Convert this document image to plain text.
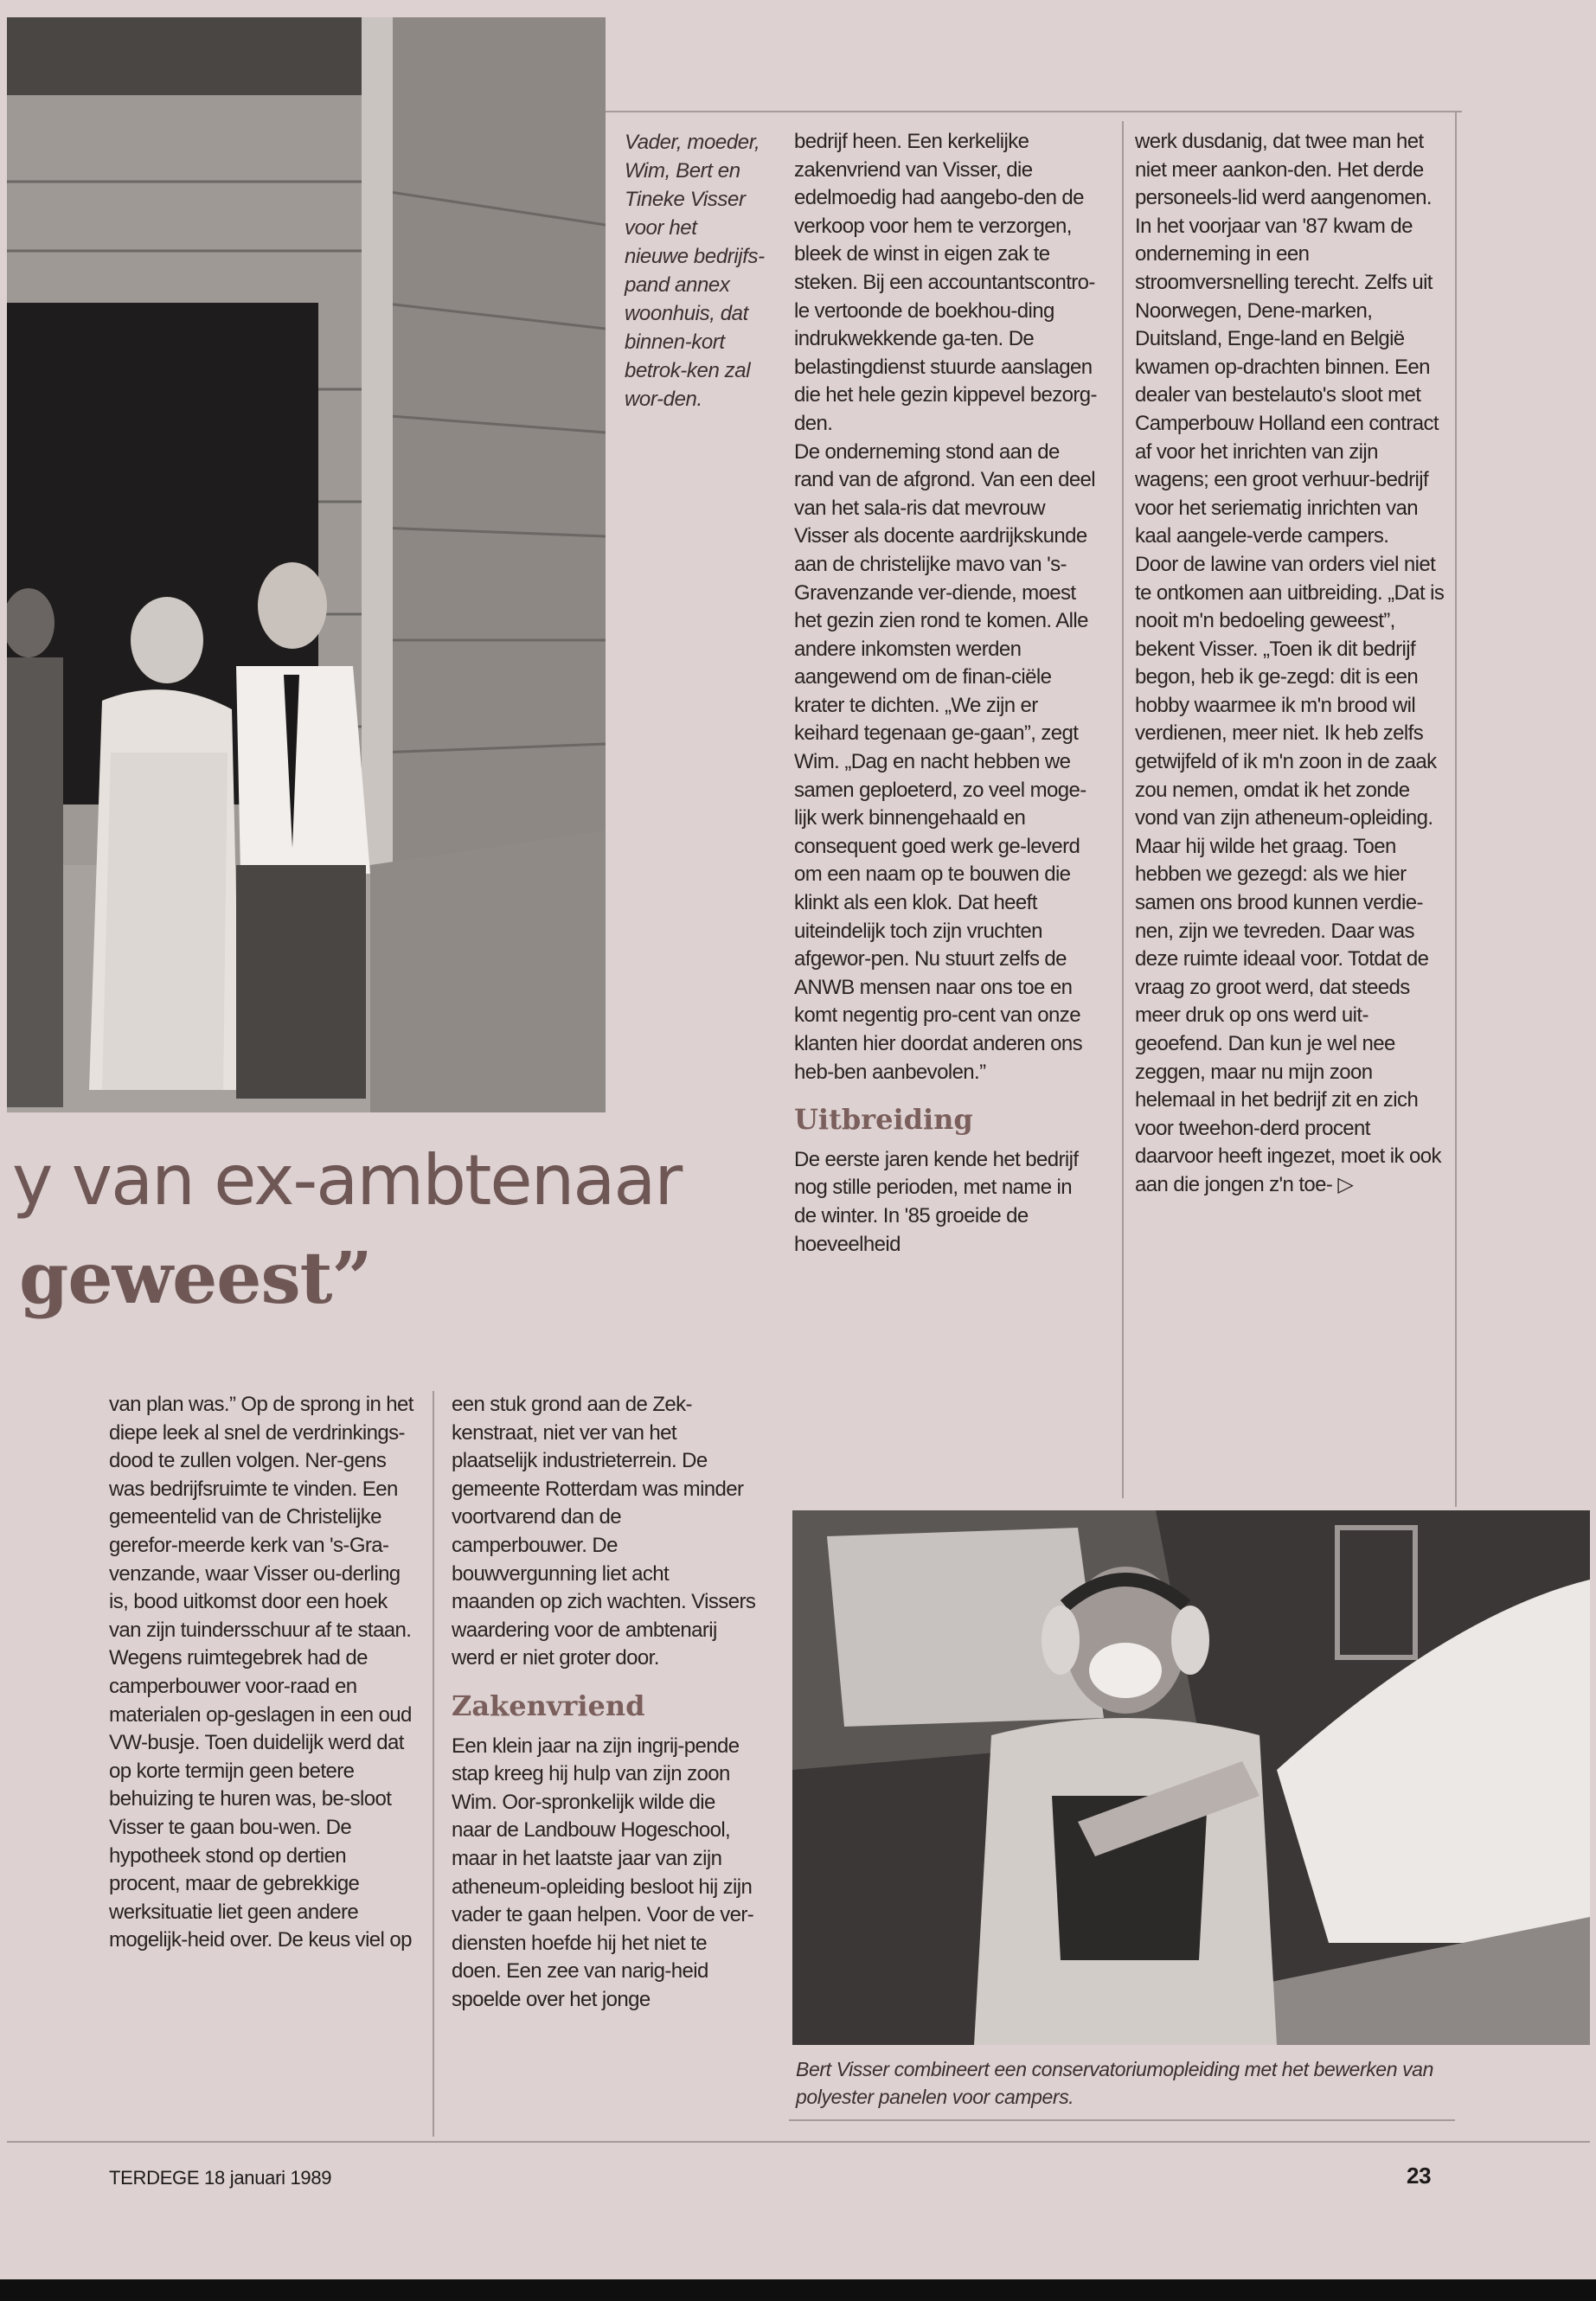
Vader, moeder, Wim, Bert en Tineke Visser voor het nieuwe bedrijfs-pand annex woonhuis, dat binnen-kort betrok-ken zal wor-den.
y van ex-ambtenaar
geweest”

bedrijf heen. Een kerkelijke zakenvriend van Visser, die edelmoedig had aangebo-den de verkoop voor hem te verzorgen, bleek de winst in eigen zak te steken. Bij een accountantscontro-le vertoonde de boekhou-ding indrukwekkende ga-ten. De belastingdienst stuurde aanslagen die het hele gezin kippevel bezorg-den.

De onderneming stond aan de rand van de afgrond. Van een deel van het sala-ris dat mevrouw Visser als docente aardrijkskunde aan de christelijke mavo van 's-Gravenzande ver-diende, moest het gezin zien rond te komen. Alle andere inkomsten werden aangewend om de finan-ciële krater te dichten. „We zijn er keihard tegenaan ge-gaan”, zegt Wim. „Dag en nacht hebben we samen geploeterd, zo veel moge-lijk werk binnengehaald en consequent goed werk ge-leverd om een naam op te bouwen die klinkt als een klok. Dat heeft uiteindelijk toch zijn vruchten afgewor-pen. Nu stuurt zelfs de ANWB mensen naar ons toe en komt negentig pro-cent van onze klanten hier doordat anderen ons heb-ben aanbevolen.”

Uitbreiding

De eerste jaren kende het bedrijf nog stille perioden, met name in de winter. In '85 groeide de hoeveelheid

werk dusdanig, dat twee man het niet meer aankon-den. Het derde personeels-lid werd aangenomen. In het voorjaar van '87 kwam de onderneming in een stroomversnelling terecht. Zelfs uit Noorwegen, Dene-marken, Duitsland, Enge-land en België kwamen op-drachten binnen. Een dealer van bestelauto's sloot met Camperbouw Holland een contract af voor het inrichten van zijn wagens; een groot verhuur-bedrijf voor het seriematig inrichten van kaal aangele-verde campers.

Door de lawine van orders viel niet te ontkomen aan uitbreiding. „Dat is nooit m'n bedoeling geweest”, bekent Visser. „Toen ik dit bedrijf begon, heb ik ge-zegd: dit is een hobby waarmee ik m'n brood wil verdienen, meer niet. Ik heb zelfs getwijfeld of ik m'n zoon in de zaak zou nemen, omdat ik het zonde vond van zijn atheneum-opleiding. Maar hij wilde het graag. Toen hebben we gezegd: als we hier samen ons brood kunnen verdie-nen, zijn we tevreden. Daar was deze ruimte ideaal voor. Totdat de vraag zo groot werd, dat steeds meer druk op ons werd uit-geoefend. Dan kun je wel nee zeggen, maar nu mijn zoon helemaal in het bedrijf zit en zich voor tweehon-derd procent daarvoor heeft ingezet, moet ik ook aan die jongen z'n toe- ▷

van plan was.” Op de sprong in het diepe leek al snel de verdrinkings-dood te zullen volgen. Ner-gens was bedrijfsruimte te vinden. Een gemeentelid van de Christelijke gerefor-meerde kerk van 's-Gra-venzande, waar Visser ou-derling is, bood uitkomst door een hoek van zijn tuindersschuur af te staan. Wegens ruimtegebrek had de camperbouwer voor-raad en materialen op-geslagen in een oud VW-busje. Toen duidelijk werd dat op korte termijn geen betere behuizing te huren was, be-sloot Visser te gaan bou-wen. De hypotheek stond op dertien procent, maar de gebrekkige werksituatie liet geen andere mogelijk-heid over. De keus viel op

een stuk grond aan de Zek-kenstraat, niet ver van het plaatselijk industrieterrein. De gemeente Rotterdam was minder voortvarend dan de camperbouwer. De bouwvergunning liet acht maanden op zich wachten. Vissers waardering voor de ambtenarij werd er niet groter door.

Zakenvriend

Een klein jaar na zijn ingrij-pende stap kreeg hij hulp van zijn zoon Wim. Oor-spronkelijk wilde die naar de Landbouw Hogeschool, maar in het laatste jaar van zijn atheneum-opleiding besloot hij zijn vader te gaan helpen. Voor de ver-diensten hoefde hij het niet te doen. Een zee van narig-heid spoelde over het jonge

Bert Visser combineert een conservatoriumopleiding met het bewerken van polyester panelen voor campers.
TERDEGE 18 januari 1989	23
